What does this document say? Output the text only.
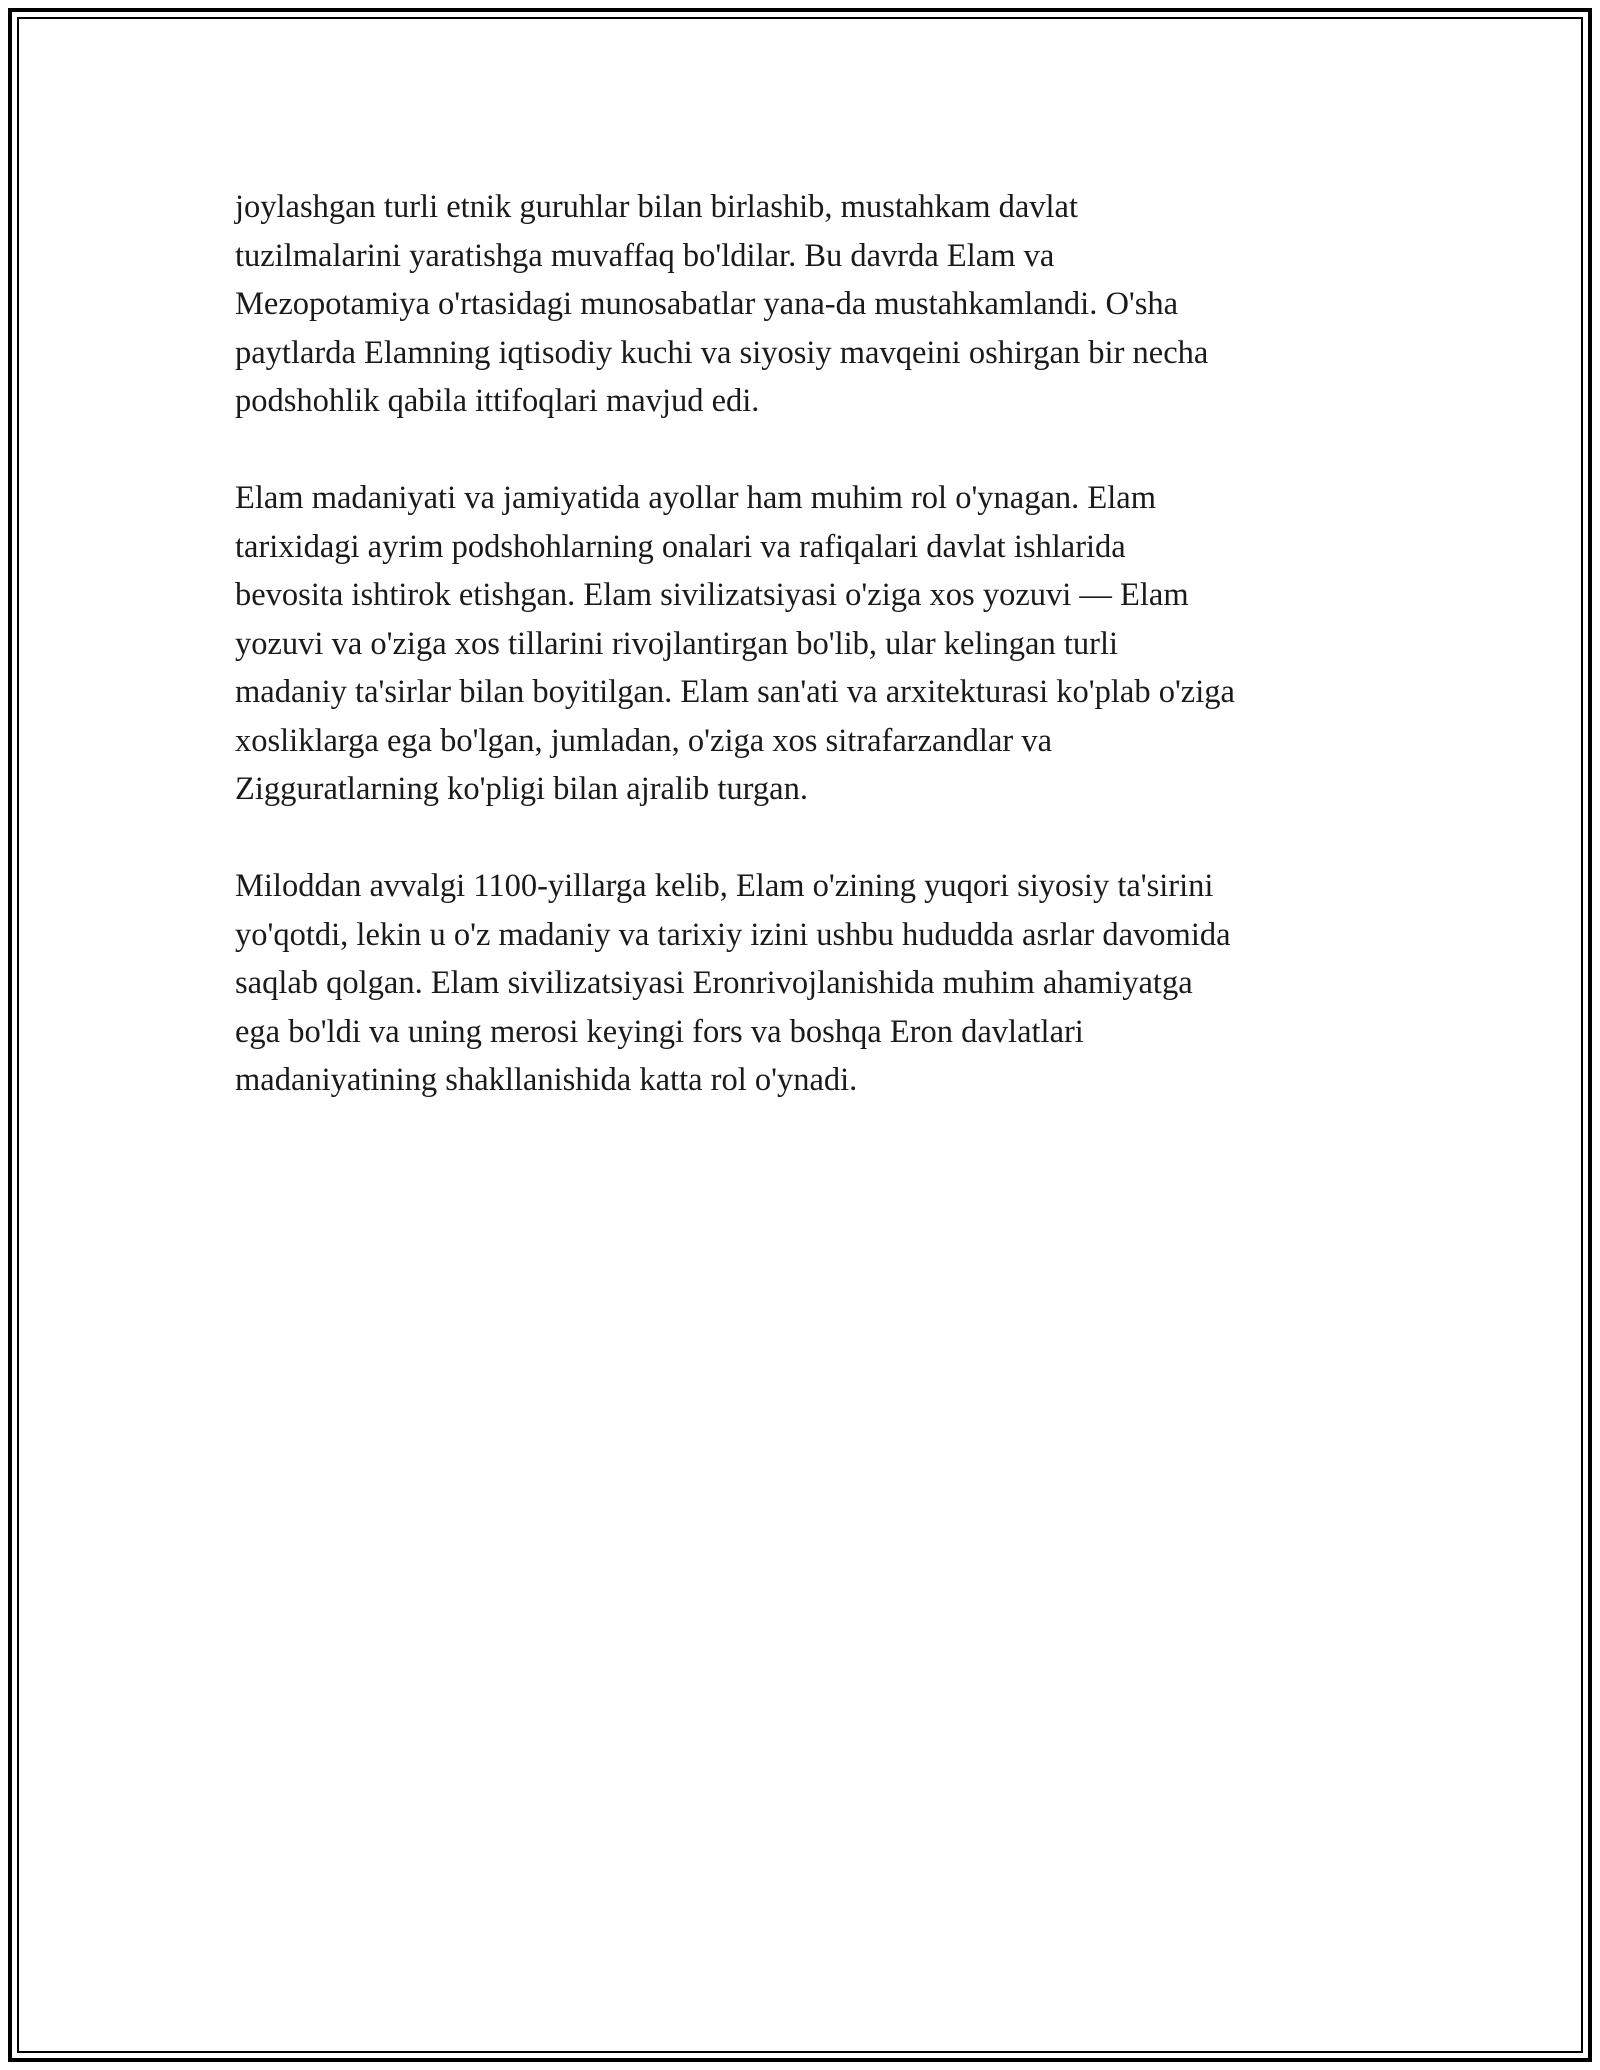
joylashgan turli etnik guruhlar bilan birlashib, mustahkam davlat
tuzilmalarini yaratishga muvaffaq bo'ldilar. Bu davrda Elam va
Mezopotamiya o'rtasidagi munosabatlar yana-da mustahkamlandi. O'sha
paytlarda Elamning iqtisodiy kuchi va siyosiy mavqeini oshirgan bir necha
podshohlik qabila ittifoqlari mavjud edi.

Elam madaniyati va jamiyatida ayollar ham muhim rol o'ynagan. Elam
tarixidagi ayrim podshohlarning onalari va rafiqalari davlat ishlarida
bevosita ishtirok etishgan. Elam sivilizatsiyasi o'ziga xos yozuvi — Elam
yozuvi va o'ziga xos tillarini rivojlantirgan bo'lib, ular kelingan turli
madaniy ta'sirlar bilan boyitilgan. Elam san'ati va arxitekturasi ko'plab o'ziga
xosliklarga ega bo'lgan, jumladan, o'ziga xos sitrafarzandlar va
Zigguratlarning ko'pligi bilan ajralib turgan.

Miloddan avvalgi 1100-yillarga kelib, Elam o'zining yuqori siyosiy ta'sirini
yo'qotdi, lekin u o'z madaniy va tarixiy izini ushbu hududda asrlar davomida
saqlab qolgan. Elam sivilizatsiyasi Eronrivojlanishida muhim ahamiyatga
ega bo'ldi va uning merosi keyingi fors va boshqa Eron davlatlari
madaniyatining shakllanishida katta rol o'ynadi.
